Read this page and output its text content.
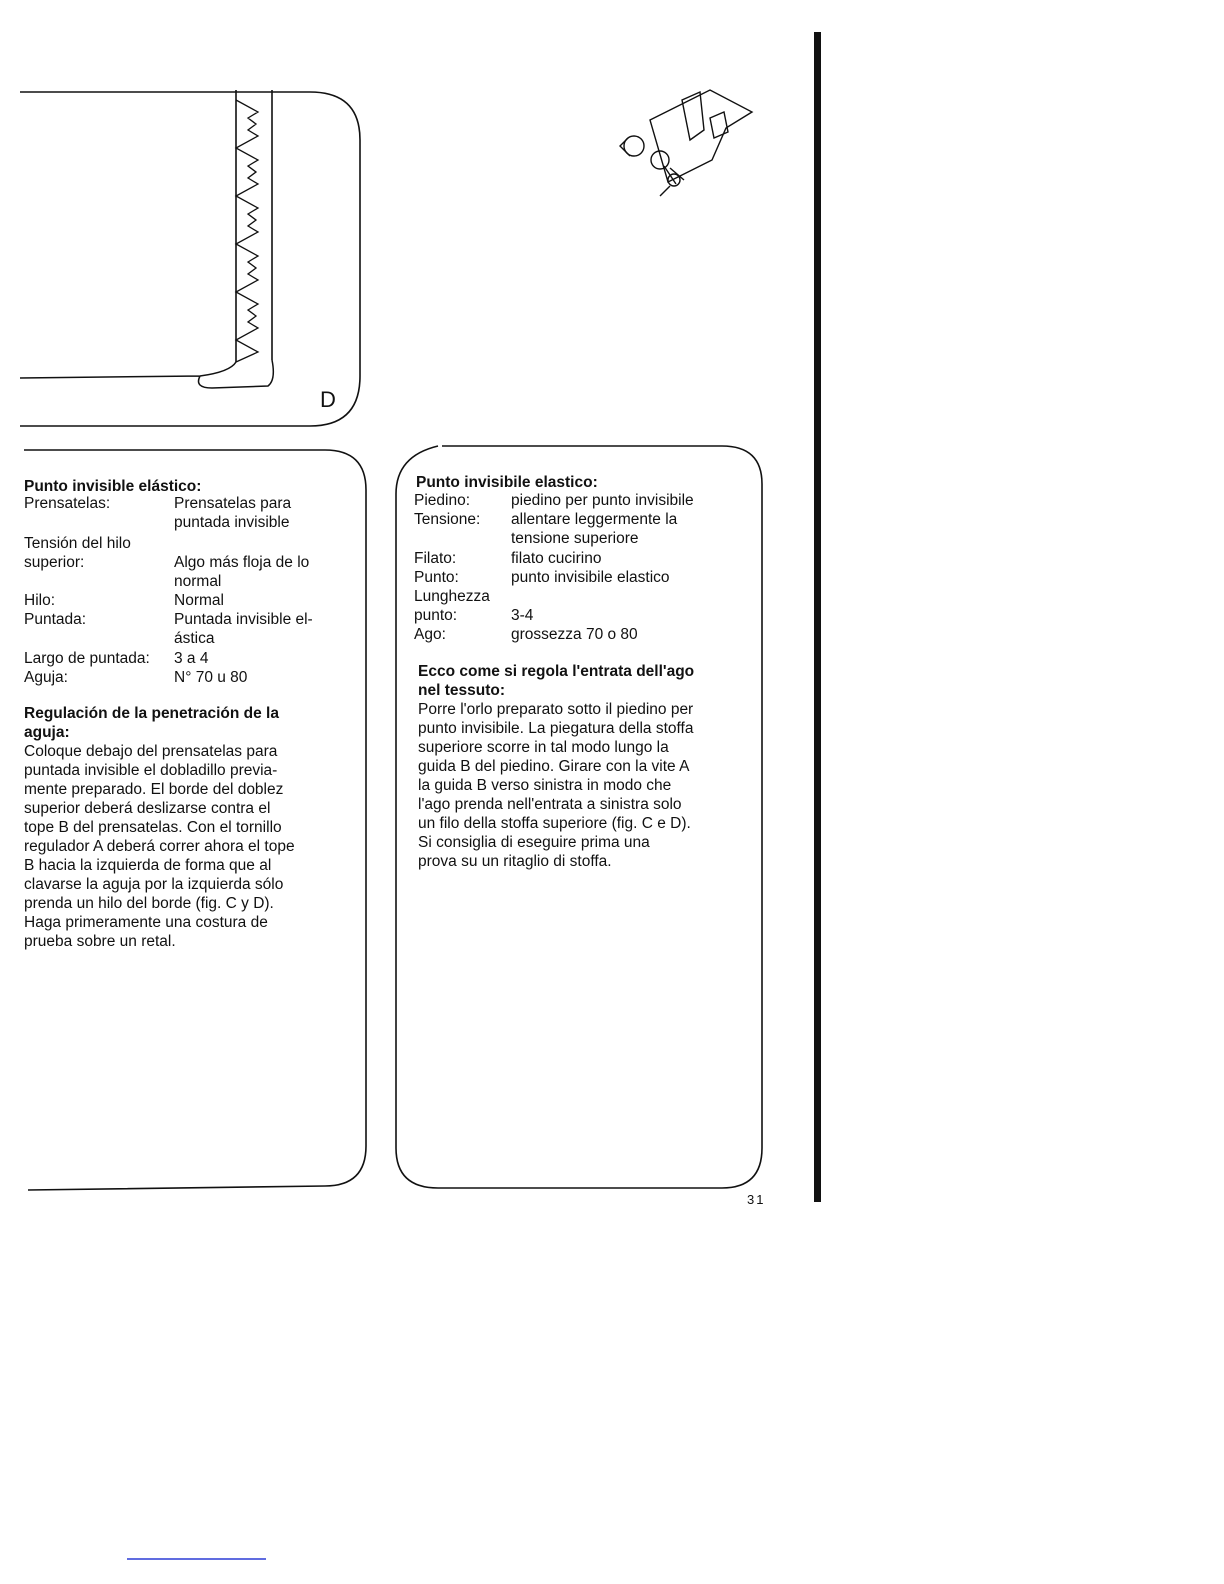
D
Punto invisible elástico:
Prensatelas:	Prensatelas para
puntada invisible
Tensión del hilo
superior:	Algo más floja de lo
normal
Hilo:	Normal
Puntada:	Puntada invisible el-
ástica
Largo de puntada: 3 a 4
Aguja:	N° 70 u 80
Regulación de la penetración de la
aguja:
Coloque debajo del prensatelas para
puntada invisible el dobladillo previa-
mente preparado. El borde del doblez
superior deberá deslizarse contra el
tope B del prensatelas. Con el tornillo
regulador A deberá correr ahora el tope
B hacia la izquierda de forma que al
clavarse la aguja por la izquierda sólo
prenda un hilo del borde (fig. C y D).
Haga primeramente una costura de
prueba sobre un retal.
Punto invisibile elastico:
Piedino:	piedino per punto invisibile
Tensione: allentare leggermente la
tensione superiore
Filato:	filato cucirino
Punto:	punto invisibile elastico
Lunghezza
punto:	3-4
Ago:	grossezza 70 o 80
Ecco come si regola l'entrata dell'ago
nel tessuto:
Porre l'orlo preparato sotto il piedino per
punto invisibile. La piegatura della stoffa
superiore scorre in tal modo lungo la
guida B del piedino. Girare con la vite A
la guida B verso sinistra in modo che
l'ago prenda nell'entrata a sinistra solo
un filo della stoffa superiore (fig. C e D).
Si consiglia di eseguire prima una
prova su un ritaglio di stoffa.
31
